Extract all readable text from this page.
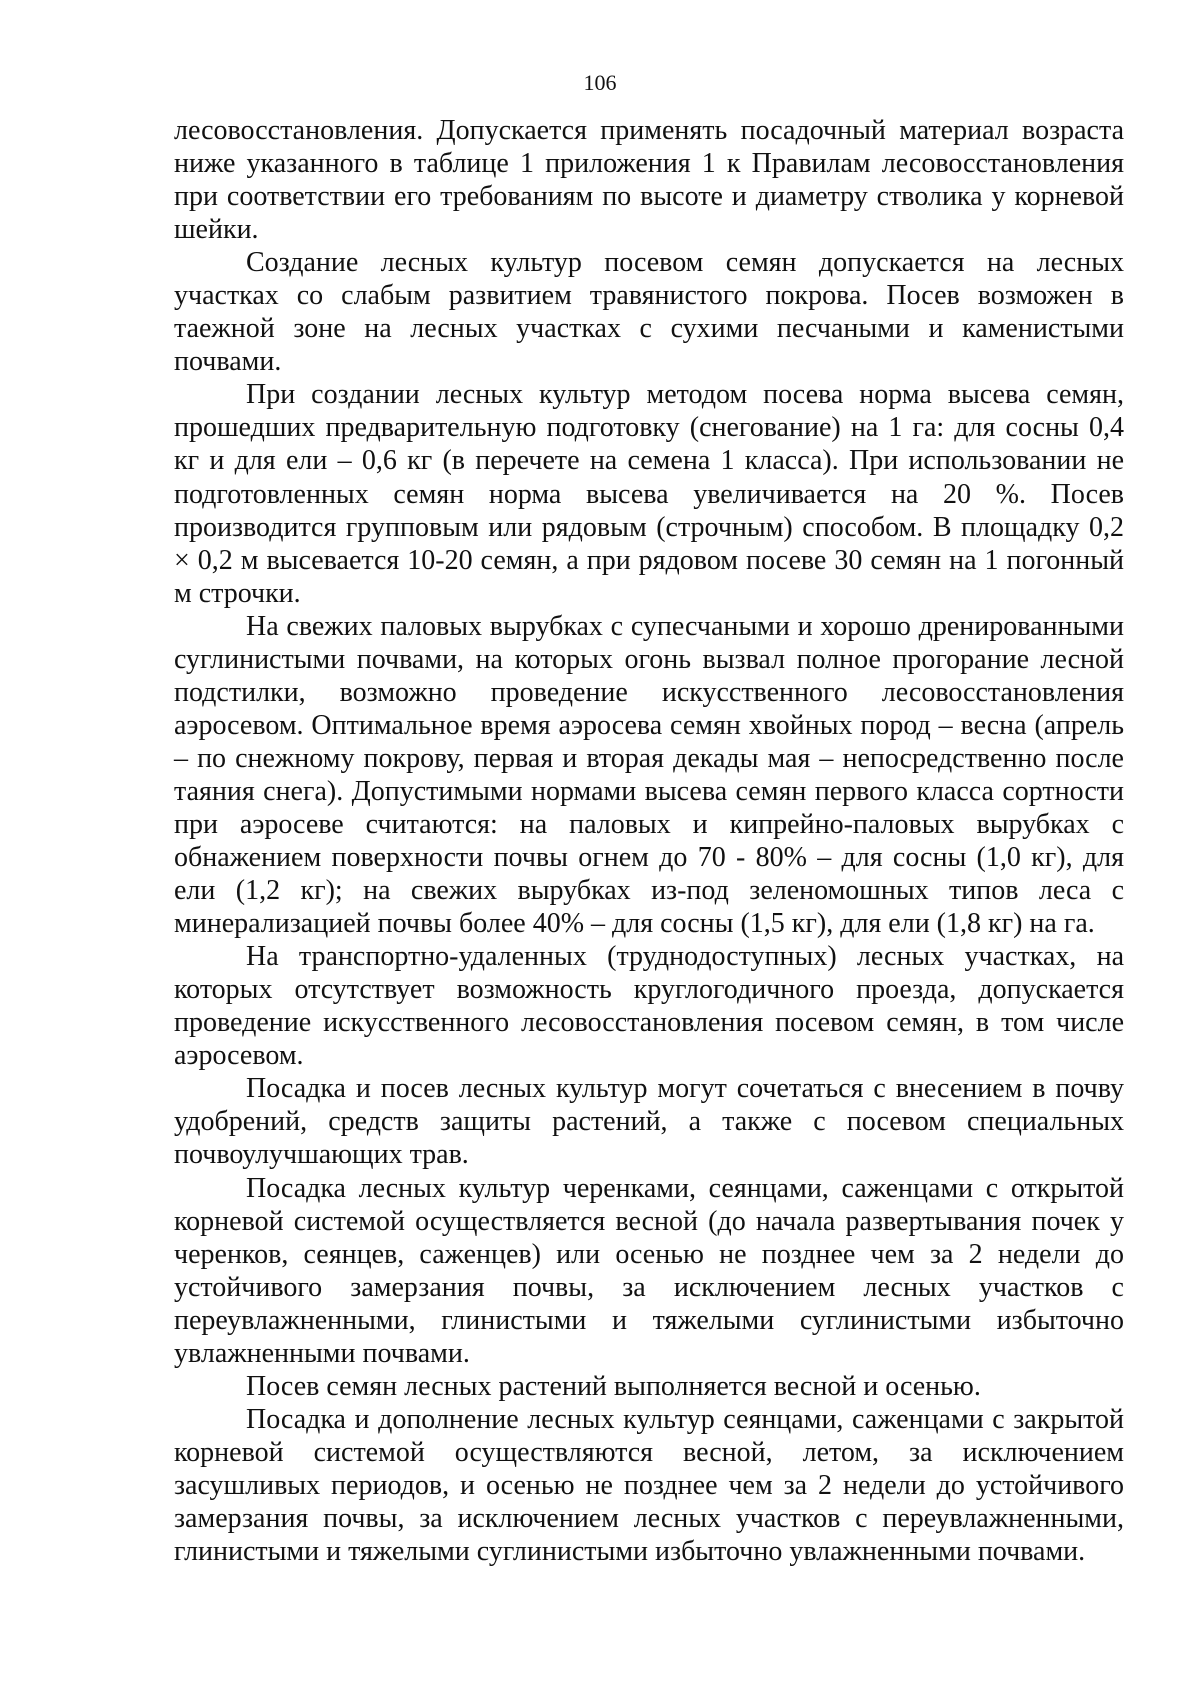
106

лесовосстановления. Допускается применять посадочный материал возраста ниже указанного в таблице 1 приложения 1 к Правилам лесовосстановления при соответствии его требованиям по высоте и диаметру стволика у корневой шейки.

Создание лесных культур посевом семян допускается на лесных участках со слабым развитием травянистого покрова. Посев возможен в таежной зоне на лесных участках с сухими песчаными и каменистыми почвами.

При создании лесных культур методом посева норма высева семян, прошедших предварительную подготовку (снегование) на 1 га: для сосны 0,4 кг и для ели – 0,6 кг (в перечете на семена 1 класса). При использовании не подготовленных семян норма высева увеличивается на 20 %. Посев производится групповым или рядовым (строчным) способом. В площадку 0,2 × 0,2 м высевается 10-20 семян, а при рядовом посеве 30 семян на 1 погонный м строчки.

На свежих паловых вырубках с супесчаными и хорошо дренированными суглинистыми почвами, на которых огонь вызвал полное прогорание лесной подстилки, возможно проведение искусственного лесовосстановления аэросевом. Оптимальное время аэросева семян хвойных пород – весна (апрель – по снежному покрову, первая и вторая декады мая – непосредственно после таяния снега). Допустимыми нормами высева семян первого класса сортности при аэросеве считаются: на паловых и кипрейно-паловых вырубках с обнажением поверхности почвы огнем до 70 - 80% – для сосны (1,0 кг), для ели (1,2 кг); на свежих вырубках из-под зеленомошных типов леса с минерализацией почвы более 40% – для сосны (1,5 кг), для ели (1,8 кг) на га.

На транспортно-удаленных (труднодоступных) лесных участках, на которых отсутствует возможность круглогодичного проезда, допускается проведение искусственного лесовосстановления посевом семян, в том числе аэросевом.

Посадка и посев лесных культур могут сочетаться с внесением в почву удобрений, средств защиты растений, а также с посевом специальных почвоулучшающих трав.

Посадка лесных культур черенками, сеянцами, саженцами с открытой корневой системой осуществляется весной (до начала развертывания почек у черенков, сеянцев, саженцев) или осенью не позднее чем за 2 недели до устойчивого замерзания почвы, за исключением лесных участков с переувлажненными, глинистыми и тяжелыми суглинистыми избыточно увлажненными почвами.

Посев семян лесных растений выполняется весной и осенью.

Посадка и дополнение лесных культур сеянцами, саженцами с закрытой корневой системой осуществляются весной, летом, за исключением засушливых периодов, и осенью не позднее чем за 2 недели до устойчивого замерзания почвы, за исключением лесных участков с переувлажненными, глинистыми и тяжелыми суглинистыми избыточно увлажненными почвами.
